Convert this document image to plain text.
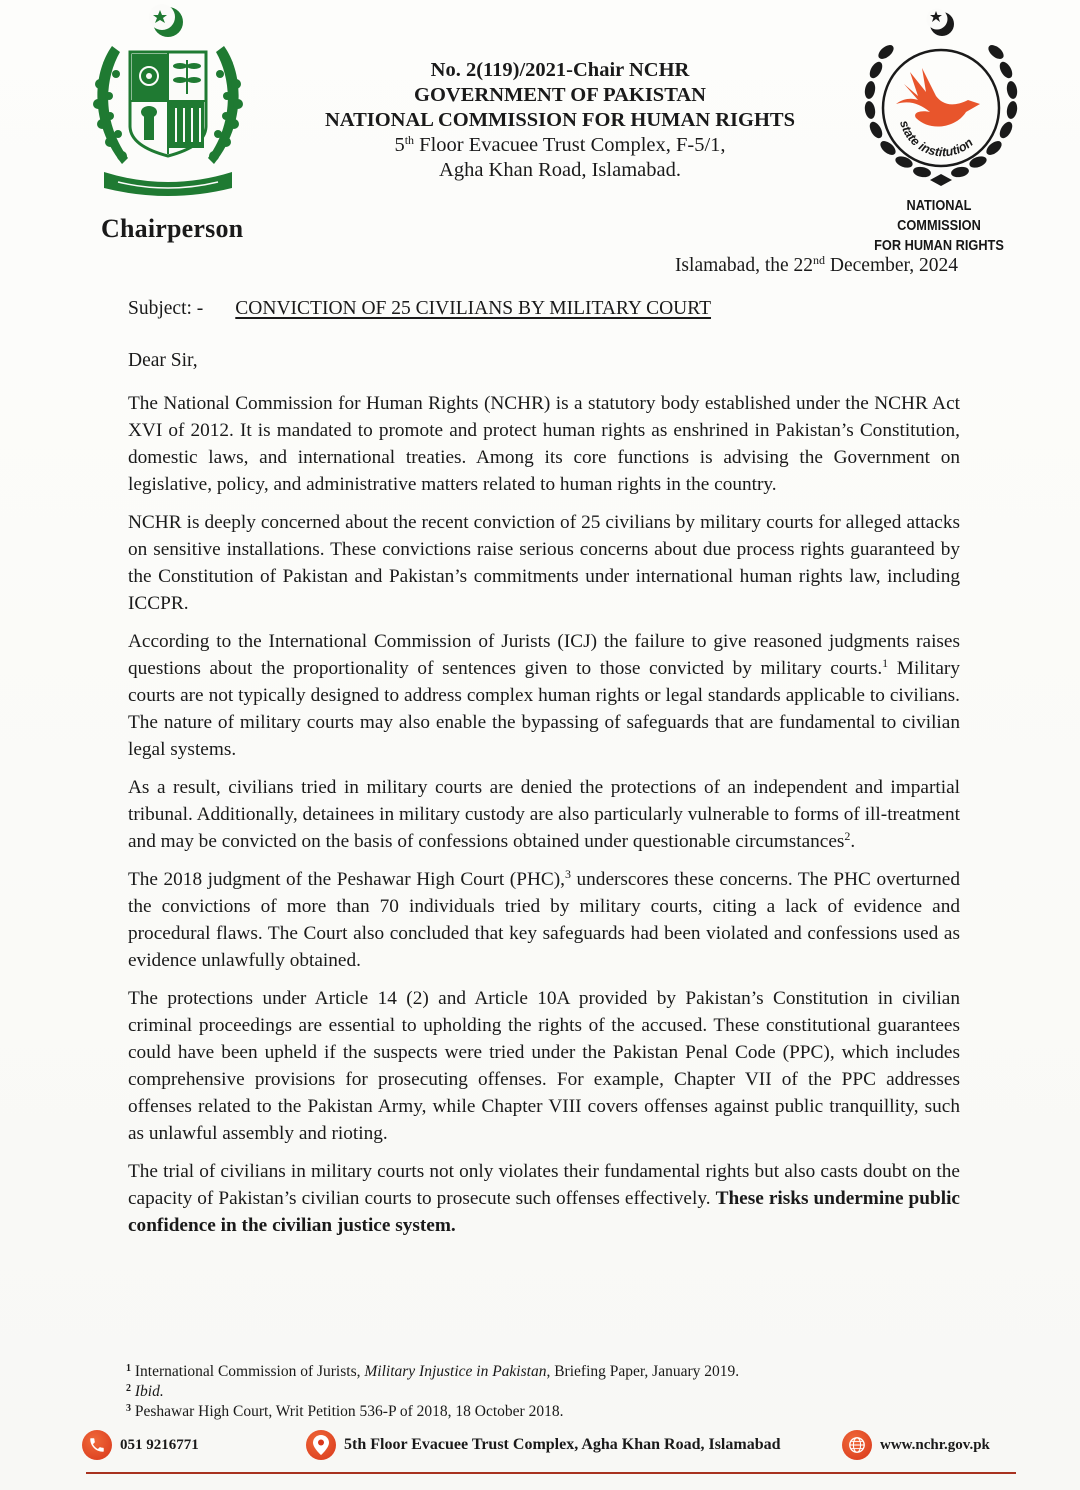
Chairperson
No. 2(119)/2021-Chair NCHR
GOVERNMENT OF PAKISTAN
NATIONAL COMMISSION FOR HUMAN RIGHTS
5th Floor Evacuee Trust Complex, F-5/1,
Agha Khan Road, Islamabad.
state institution
NATIONAL COMMISSION
FOR HUMAN RIGHTS
Islamabad, the 22nd December, 2024
Subject: - CONVICTION OF 25 CIVILIANS BY MILITARY COURT
Dear Sir,

The National Commission for Human Rights (NCHR) is a statutory body established under the NCHR Act XVI of 2012. It is mandated to promote and protect human rights as enshrined in Pakistan’s Constitution, domestic laws, and international treaties. Among its core functions is advising the Government on legislative, policy, and administrative matters related to human rights in the country.

NCHR is deeply concerned about the recent conviction of 25 civilians by military courts for alleged attacks on sensitive installations. These convictions raise serious concerns about due process rights guaranteed by the Constitution of Pakistan and Pakistan’s commitments under international human rights law, including ICCPR.

According to the International Commission of Jurists (ICJ) the failure to give reasoned judgments raises questions about the proportionality of sentences given to those convicted by military courts.$^1$ Military courts are not typically designed to address complex human rights or legal standards applicable to civilians. The nature of military courts may also enable the bypassing of safeguards that are fundamental to civilian legal systems.

As a result, civilians tried in military courts are denied the protections of an independent and impartial tribunal. Additionally, detainees in military custody are also particularly vulnerable to forms of ill-treatment and may be convicted on the basis of confessions obtained under questionable circumstances$^2$.

The 2018 judgment of the Peshawar High Court (PHC),$^3$ underscores these concerns. The PHC overturned the convictions of more than 70 individuals tried by military courts, citing a lack of evidence and procedural flaws. The Court also concluded that key safeguards had been violated and confessions used as evidence unlawfully obtained.

The protections under Article 14 (2) and Article 10A provided by Pakistan’s Constitution in civilian criminal proceedings are essential to upholding the rights of the accused. These constitutional guarantees could have been upheld if the suspects were tried under the Pakistan Penal Code (PPC), which includes comprehensive provisions for prosecuting offenses. For example, Chapter VII of the PPC addresses offenses related to the Pakistan Army, while Chapter VIII covers offenses against public tranquillity, such as unlawful assembly and rioting.

The trial of civilians in military courts not only violates their fundamental rights but also casts doubt on the capacity of Pakistan’s civilian courts to prosecute such offenses effectively. These risks undermine public confidence in the civilian justice system.

$^1$ International Commission of Jurists, Military Injustice in Pakistan, Briefing Paper, January 2019.
$^2$ Ibid.
$^3$ Peshawar High Court, Writ Petition 536-P of 2018, 18 October 2018.
051 9216771	5th Floor Evacuee Trust Complex, Agha Khan Road, Islamabad	www.nchr.gov.pk
